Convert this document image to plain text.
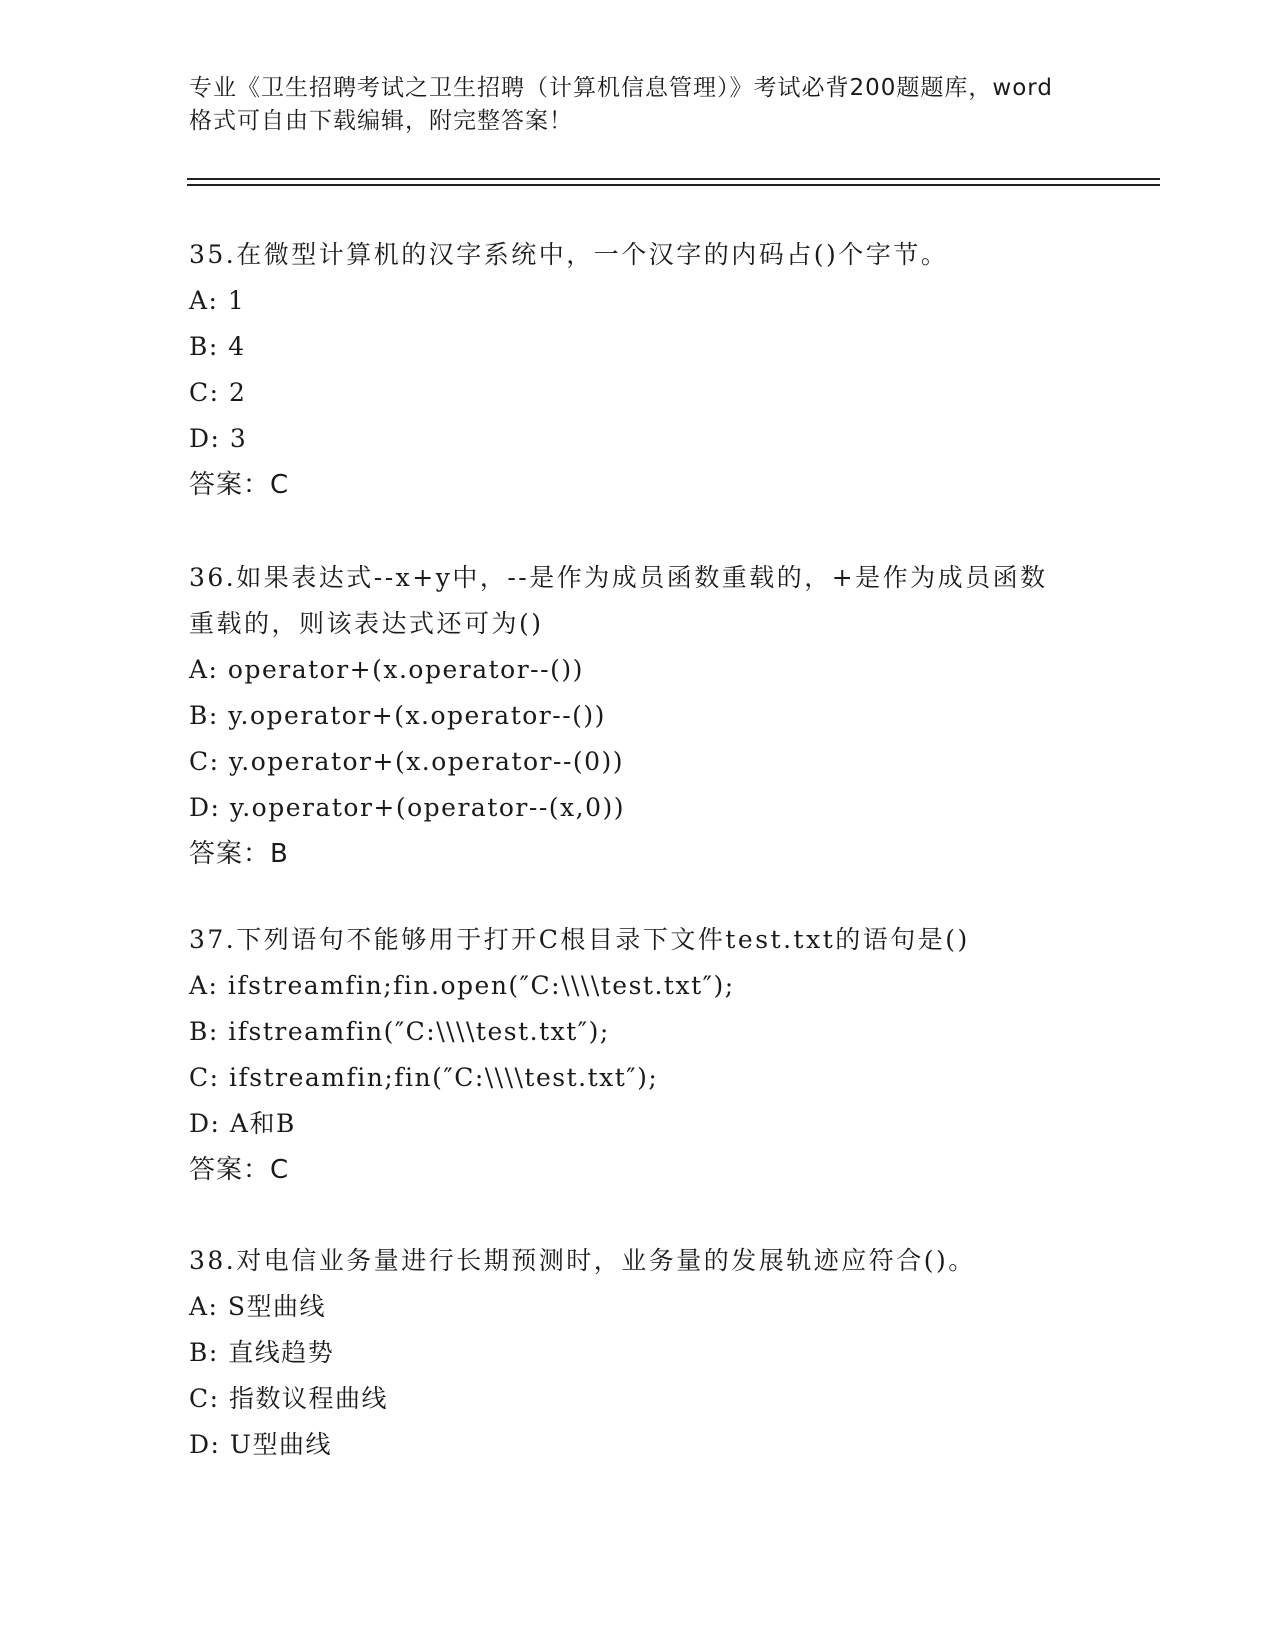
专业《卫生招聘考试之卫生招聘（计算机信息管理）》考试必背200题题库，word
格式可自由下载编辑，附完整答案！
35.在微型计算机的汉字系统中，一个汉字的内码占()个字节。
A: 1
B: 4
C: 2
D: 3
答案：C
36.如果表达式--x+y中，--是作为成员函数重载的，+是作为成员函数
重载的，则该表达式还可为()
A: operator+(x.operator--())
B: y.operator+(x.operator--())
C: y.operator+(x.operator--(0))
D: y.operator+(operator--(x,0))
答案：B
37.下列语句不能够用于打开C根目录下文件test.txt的语句是()
A: ifstreamfin;fin.open(″C:\\\\test.txt″);
B: ifstreamfin(″C:\\\\test.txt″);
C: ifstreamfin;fin(″C:\\\\test.txt″);
D: A和B
答案：C
38.对电信业务量进行长期预测时，业务量的发展轨迹应符合()。
A: S型曲线
B: 直线趋势
C: 指数议程曲线
D: U型曲线
